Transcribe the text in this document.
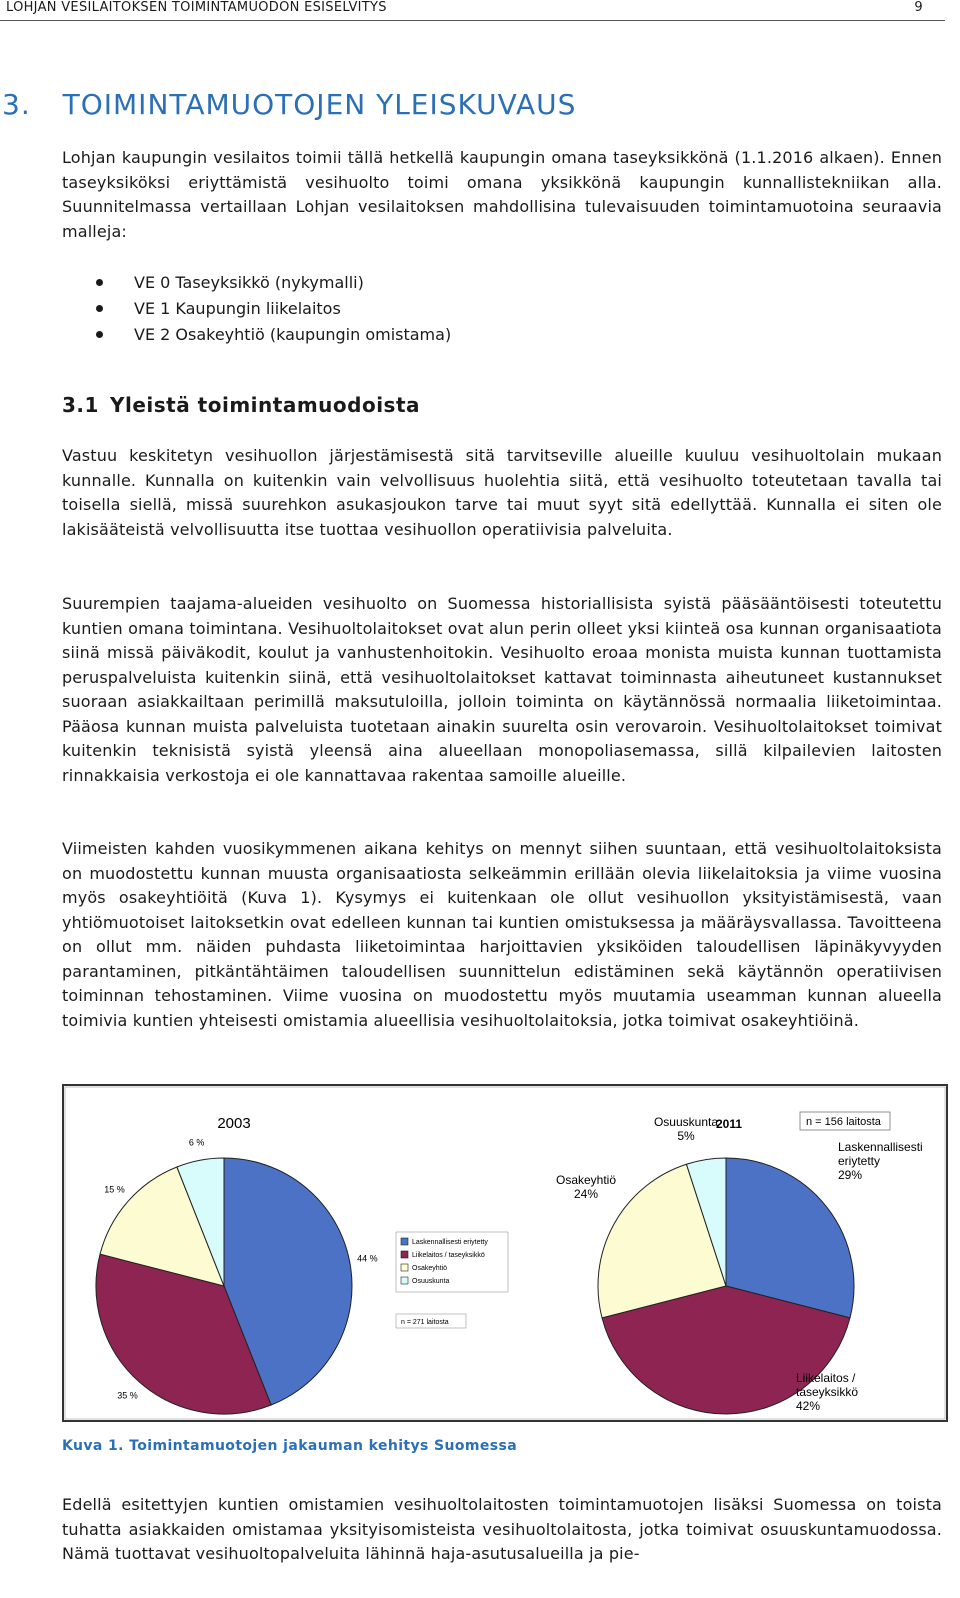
LOHJAN VESILAITOKSEN TOIMINTAMUODON ESISELVITYS	9
3. TOIMINTAMUOTOJEN YLEISKUVAUS

Lohjan kaupungin vesilaitos toimii tällä hetkellä kaupungin omana taseyksikkönä (1.1.2016 alkaen). Ennen taseyksiköksi eriyttämistä vesihuolto toimi omana yksikkönä kaupungin kunnallistekniikan alla. Suunnitelmassa vertaillaan Lohjan vesilaitoksen mahdollisina tulevaisuuden toimintamuotoina seuraavia malleja:

VE 0 Taseyksikkö (nykymalli)
VE 1 Kaupungin liikelaitos
VE 2 Osakeyhtiö (kaupungin omistama)
3.1 Yleistä toimintamuodoista

Vastuu keskitetyn vesihuollon järjestämisestä sitä tarvitseville alueille kuuluu vesihuoltolain mukaan kunnalle. Kunnalla on kuitenkin vain velvollisuus huolehtia siitä, että vesihuolto toteutetaan tavalla tai toisella siellä, missä suurehkon asukasjoukon tarve tai muut syyt sitä edellyttää. Kunnalla ei siten ole lakisääteistä velvollisuutta itse tuottaa vesihuollon operatiivisia palveluita.

Suurempien taajama-alueiden vesihuolto on Suomessa historiallisista syistä pääsääntöisesti toteutettu kuntien omana toimintana. Vesihuoltolaitokset ovat alun perin olleet yksi kiinteä osa kunnan organisaatiota siinä missä päiväkodit, koulut ja vanhustenhoitokin. Vesihuolto eroaa monista muista kunnan tuottamista peruspalveluista kuitenkin siinä, että vesihuoltolaitokset kattavat toiminnasta aiheutuneet kustannukset suoraan asiakkailtaan perimillä maksutuloilla, jolloin toiminta on käytännössä normaalia liiketoimintaa. Pääosa kunnan muista palveluista tuotetaan ainakin suurelta osin verovaroin. Vesihuoltolaitokset toimivat kuitenkin teknisistä syistä yleensä aina alueellaan monopoliasemassa, sillä kilpailevien laitosten rinnakkaisia verkostoja ei ole kannattavaa rakentaa samoille alueille.

Viimeisten kahden vuosikymmenen aikana kehitys on mennyt siihen suuntaan, että vesihuoltolaitoksista on muodostettu kunnan muusta organisaatiosta selkeämmin erillään olevia liikelaitoksia ja viime vuosina myös osakeyhtiöitä (Kuva 1). Kysymys ei kuitenkaan ole ollut vesihuollon yksityistämisestä, vaan yhtiömuotoiset laitoksetkin ovat edelleen kunnan tai kuntien omistuksessa ja määräysvallassa. Tavoitteena on ollut mm. näiden puhdasta liiketoimintaa harjoittavien yksiköiden taloudellisen läpinäkyvyyden parantaminen, pitkäntähtäimen taloudellisen suunnittelun edistäminen sekä käytännön operatiivisen toiminnan tehostaminen. Viime vuosina on muodostettu myös muutamia useamman kunnan alueella toimivia kuntien yhteisesti omistamia alueellisia vesihuoltolaitoksia, jotka toimivat osakeyhtiöinä.

2003
44 %
35 %
15 %
6 %
Laskennallisesti eriytetty
Liikelaitos / taseyksikkö
Osakeyhtiö
Osuuskunta
n = 271 laitosta
2011	n = 156 laitosta
Laskennallisesti
eriytetty
29%
Liikelaitos /
taseyksikkö
42%
Osakeyhtiö
24%
Osuuskunta
5%

Kuva 1. Toimintamuotojen jakauman kehitys Suomessa

Edellä esitettyjen kuntien omistamien vesihuoltolaitosten toimintamuotojen lisäksi Suomessa on toista tuhatta asiakkaiden omistamaa yksityisomisteista vesihuoltolaitosta, jotka toimivat osuuskuntamuodossa. Nämä tuottavat vesihuoltopalveluita lähinnä haja-asutusalueilla ja pie-
